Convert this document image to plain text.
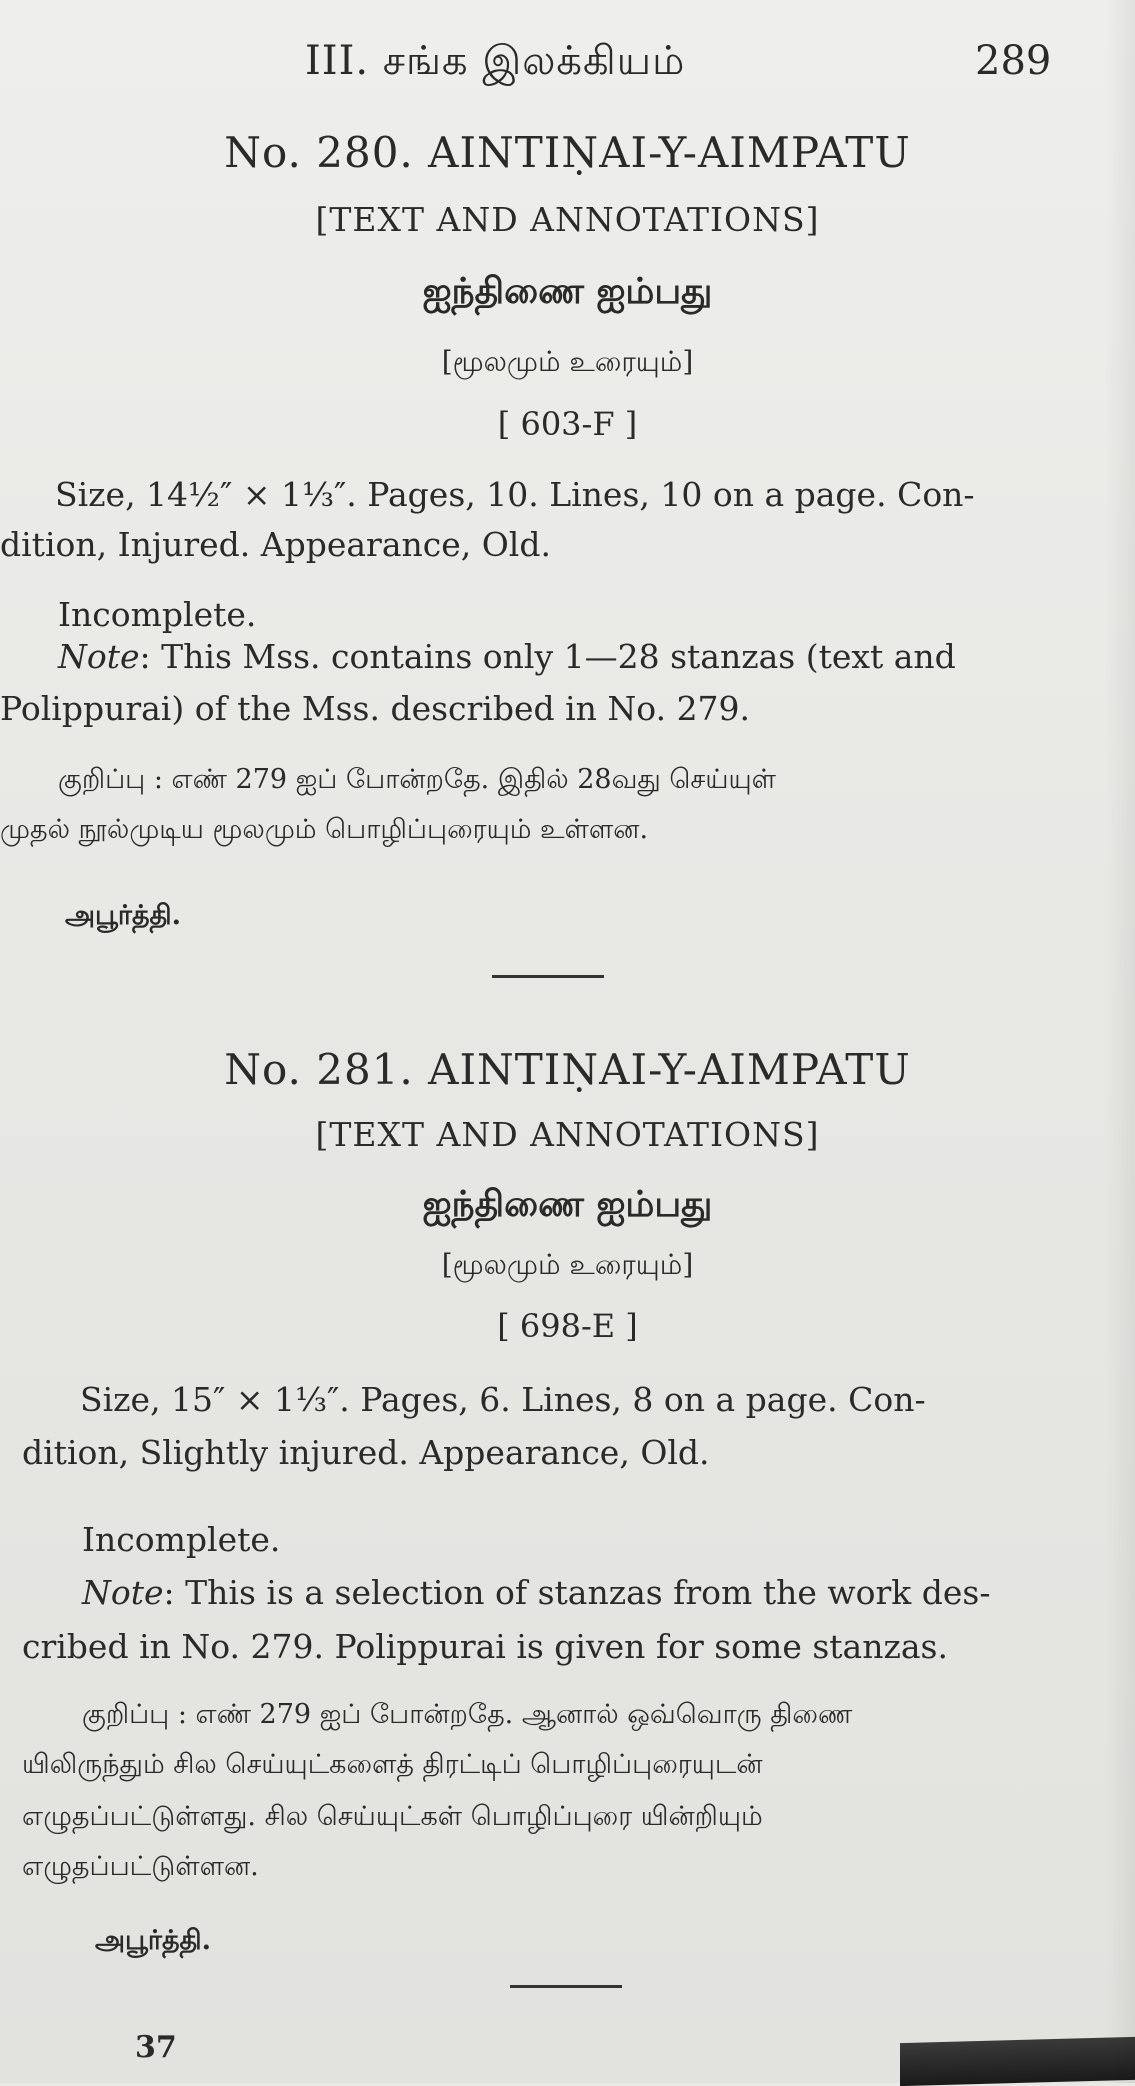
III. சங்க இலக்கியம்	289
No. 280. AINTIṆAI-Y-AIMPATU
[TEXT AND ANNOTATIONS]
ஐந்திணை ஐம்பது
[மூலமும் உரையும்]
[ 603-F ]
Size, 14½″ × 1⅓″. Pages, 10. Lines, 10 on a page. Con-
dition, Injured. Appearance, Old.
Incomplete.
Note: This Mss. contains only 1—28 stanzas (text and
Polippurai) of the Mss. described in No. 279.
குறிப்பு : எண் 279 ஐப் போன்றதே. இதில் 28வது செய்யுள்
முதல் நூல்முடிய மூலமும் பொழிப்புரையும் உள்ளன.
அபூர்த்தி.
No. 281. AINTIṆAI-Y-AIMPATU
[TEXT AND ANNOTATIONS]
ஐந்திணை ஐம்பது
[மூலமும் உரையும்]
[ 698-E ]
Size, 15″ × 1⅓″. Pages, 6. Lines, 8 on a page. Con-
dition, Slightly injured. Appearance, Old.
Incomplete.
Note: This is a selection of stanzas from the work des-
cribed in No. 279. Polippurai is given for some stanzas.
குறிப்பு : எண் 279 ஐப் போன்றதே. ஆனால் ஒவ்வொரு திணை
யிலிருந்தும் சில செய்யுட்களைத் திரட்டிப் பொழிப்புரையுடன்
எழுதப்பட்டுள்ளது. சில செய்யுட்கள் பொழிப்புரை யின்றியும்
எழுதப்பட்டுள்ளன.
அபூர்த்தி.
37
